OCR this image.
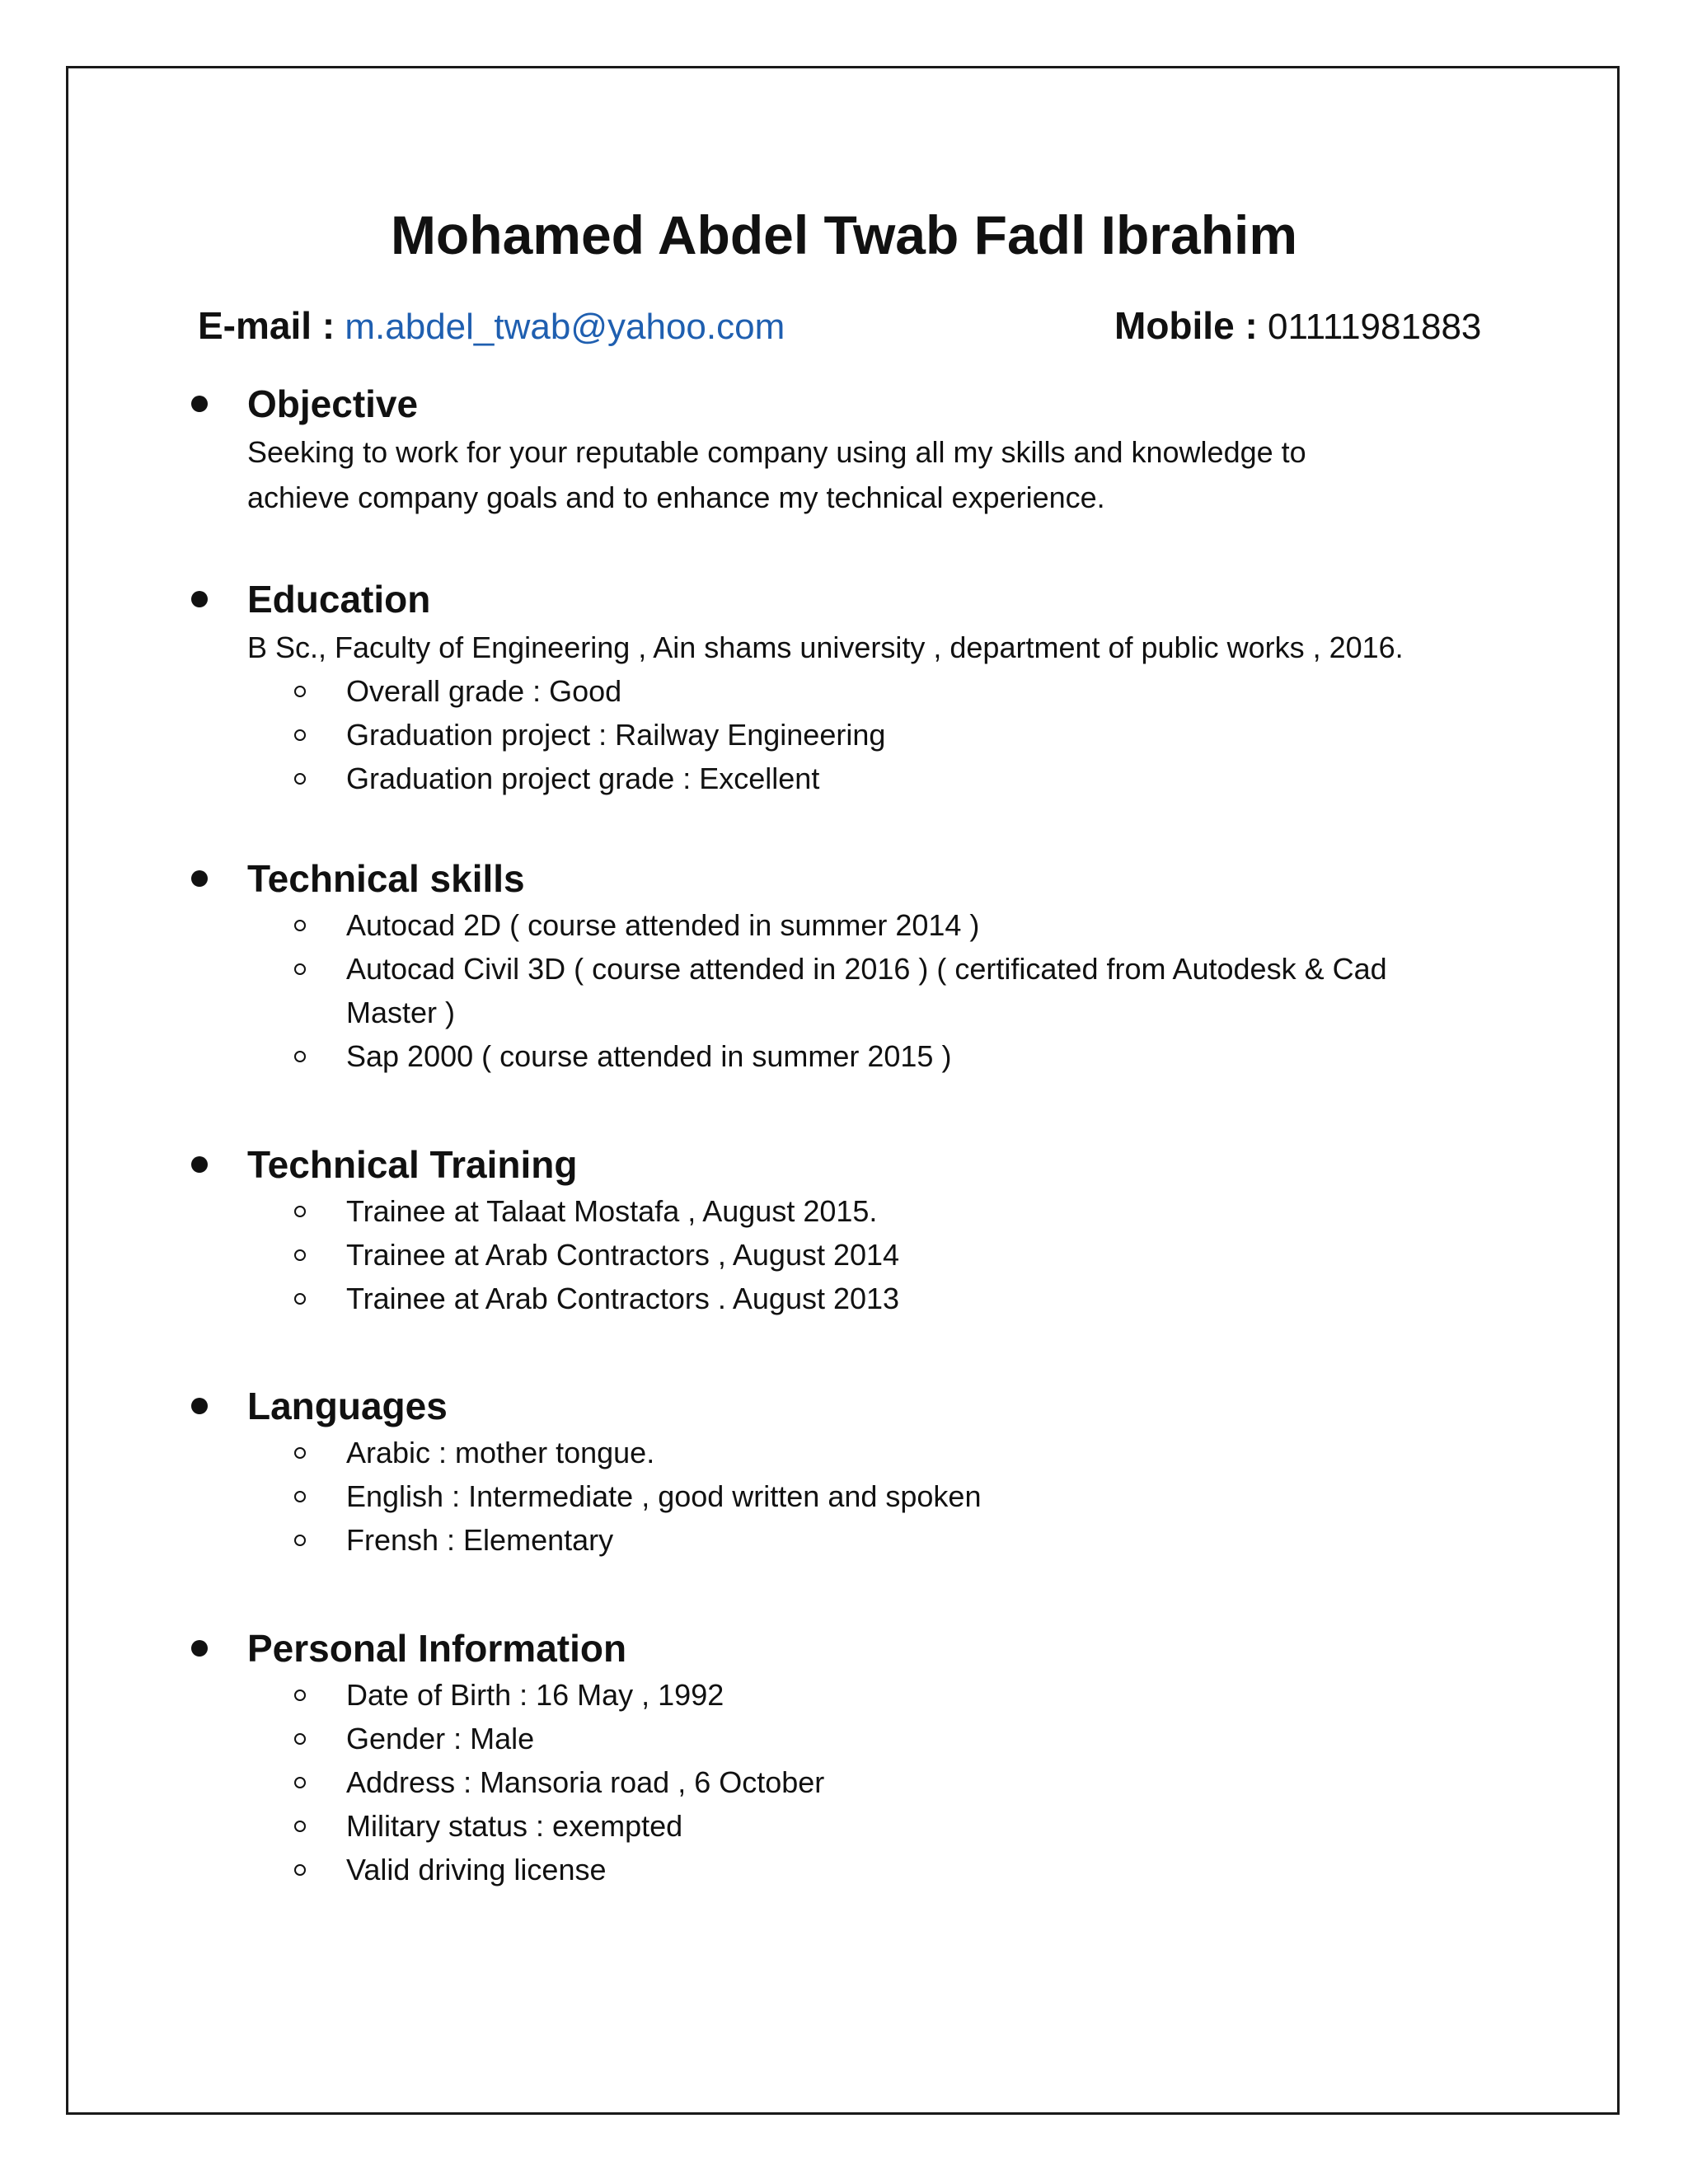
Mohamed Abdel Twab Fadl Ibrahim
E-mail : m.abdel_twab@yahoo.com	Mobile : 01111981883
Objective
Seeking to work for your reputable company using all my skills and knowledge to
achieve company goals and to enhance my technical experience.
Education
B Sc., Faculty of Engineering , Ain shams university , department of public works , 2016.
Overall grade : Good
Graduation project : Railway Engineering
Graduation project grade : Excellent
Technical skills
Autocad 2D ( course attended in summer 2014 )
Autocad Civil 3D ( course attended in 2016 ) ( certificated from Autodesk & Cad Master )
Sap 2000 ( course attended in summer 2015 )
Technical Training
Trainee at Talaat Mostafa , August 2015.
Trainee at Arab Contractors , August 2014
Trainee at Arab Contractors . August 2013
Languages
Arabic : mother tongue.
English : Intermediate , good written and spoken
Frensh : Elementary
Personal Information
Date of Birth : 16 May , 1992
Gender : Male
Address : Mansoria road , 6 October
Military status : exempted
Valid driving license
